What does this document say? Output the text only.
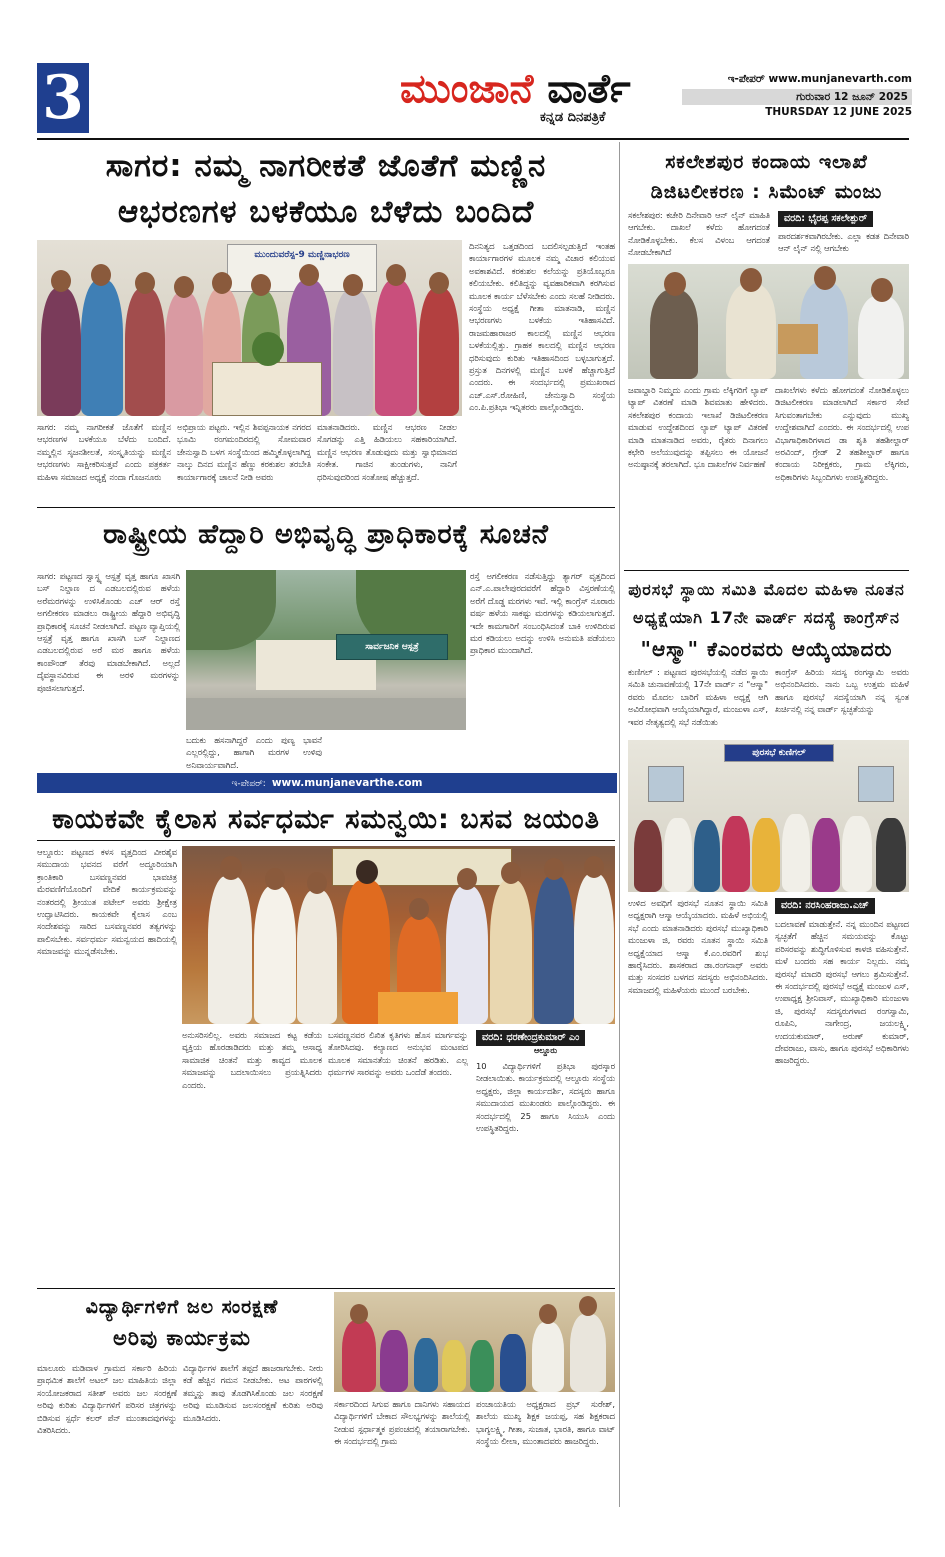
3	ಮುಂಜಾನೆ ವಾರ್ತೆ
ಕನ್ನಡ ದಿನಪತ್ರಿಕೆ
ಇ-ಪೇಪರ್ www.munjanevarth.com
ಗುರುವಾರ 12 ಜೂನ್ 2025
THURSDAY 12 JUNE 2025
ಸಾಗರ: ನಮ್ಮ ನಾಗರೀಕತೆ ಜೊತೆಗೆ ಮಣ್ಣಿನ
ಆಭರಣಗಳ ಬಳಕೆಯೂ ಬೆಳೆದು ಬಂದಿದೆ
ಮುಂದುವರೆಸ್ಪ-9 ಮಣ್ಣಿನಾಭರಣ
ಸಾಗರ: ನಮ್ಮ ನಾಗರೀಕತೆ ಜೊತೆಗೆ ಮಣ್ಣಿನ ಆಭರಣಗಳ ಬಳಕೆಯೂ ಬೆಳೆದು ಬಂದಿದೆ. ನಮ್ಮಲ್ಲಿನ ಸೃಜನಶೀಲತೆ, ಸಂಸ್ಕೃತಿಯನ್ನು ಮಣ್ಣಿನ ಆಭರಣಗಳು ಸಾಕ್ಷೀಕರಿಸುತ್ತವೆ ಎಂದು ಪತ್ರಕರ್ತ ಮಹಿಳಾ ಸಮಾಜದ ಅಧ್ಯಕ್ಷೆ ನಂದಾ ಗೊಜನೂರು
ಅಭಿಪ್ರಾಯ ಪಟ್ಟರು. ಇಲ್ಲಿನ ಶಿವಪ್ಪನಾಯಕ ನಗರದ ಭೂಮಿ ರಂಗಮಂದಿರದಲ್ಲಿ ಸೋಮವಾರ ಜೇನುಸ್ವಾದಿ ಬಳಗ ಸಂಸ್ಥೆಯಿಂದ ಹಮ್ಮಿಕೊಳ್ಳಲಾಗಿದ್ದ ನಾಲ್ಕು ದಿನದ ಮಣ್ಣಿನ ಹೆಣ್ಣು ಕರಕುಶಲ ತರಬೇತಿ ಕಾರ್ಯಾಗಾರಕ್ಕೆ ಚಾಲನೆ ನೀಡಿ ಅವರು
ಮಾತನಾಡಿದರು. ಮಣ್ಣಿನ ಆಭರಣ ನೀಡಲ ಸೊಗಡನ್ನು ಎತ್ತಿ ಹಿಡಿಯಲು ಸಹಕಾರಿಯಾಗಿದೆ. ಮಣ್ಣಿನ ಆಭರಣ ತೊಡುವುದು ಮತ್ತು ಸ್ವಾಭಿಮಾನದ ಸಂಕೇತ. ಗಾಜಿನ ತುಂಡುಗಳು, ನಾನಿಗೆ ಧರಿಸುವುದರಿಂದ ಸಂತೋಷ ಹೆಚ್ಚುತ್ತದೆ.
ದಿನನಿತ್ಯದ ಒತ್ತಡದಿಂದ ಬದಲಿಸಲ್ಪಡುತ್ತಿದೆ ಇಂತಹ ಕಾರ್ಯಾಗಾರಗಳ ಮೂಲಕ ನಮ್ಮ ವಿಚಾರ ಕಲಿಯುವ ಅವಕಾಶವಿದೆ. ಕರಕುಶಲ ಕಲೆಯನ್ನು ಪ್ರತಿಯೊಬ್ಬರೂ ಕಲಿಯಬೇಕು. ಕಲಿತಿದ್ದನ್ನು ವ್ಯವಹಾರಿಕವಾಗಿ ಕರಗಿಸುವ ಮೂಲಕ ಕಾರ್ಯ ಬೆಳೆಸಬೇಕು ಎಂದು ಸಲಹೆ ನೀಡಿದರು. ಸಂಸ್ಥೆಯ ಅಧ್ಯಕ್ಷೆ ಗೀತಾ ಮಾತನಾಡಿ, ಮಣ್ಣಿನ ಆಭರಣಗಳು ಬಳಕೆಯ ಇತಿಹಾಸವಿದೆ. ರಾಜಮಹಾರಾಜರ ಕಾಲದಲ್ಲಿ ಮಣ್ಣಿನ ಆಭರಣ ಬಳಕೆಯಲ್ಲಿತ್ತು. ಗ್ರಾಹಕ ಕಾಲದಲ್ಲಿ ಮಣ್ಣಿನ ಆಭರಣ ಧರಿಸುವುದು ಕುರಿತು ಇತಿಹಾಸದಿಂದ ಬಳ್ಳಬಾಗುತ್ತದೆ. ಪ್ರಸ್ತುತ ದಿನಗಳಲ್ಲಿ ಮಣ್ಣಿನ ಬಳಕೆ ಹೆಚ್ಚಾಗುತ್ತಿದೆ ಎಂದರು. ಈ ಸಂದರ್ಭದಲ್ಲಿ ಪ್ರಮುಖರಾದ ಎಚ್.ಎಸ್.ರೋಹಿಣಿ, ಜೇನುಸ್ವಾದಿ ಸಂಸ್ಥೆಯ ಎಂ.ಪಿ.ಪ್ರತಿಭಾ ಇನ್ನಿತರರು ಪಾಲ್ಗೊಂಡಿದ್ದರು.
ಸಕಲೇಶಪುರ ಕಂದಾಯ ಇಲಾಖೆ
ಡಿಜಿಟಲೀಕರಣ : ಸಿಮೆಂಟ್ ಮಂಜು
ಸಕಲೇಶಪುರ: ಕಚೇರಿ ದಿನೇವಾರಿ ಆನ್ ಲೈನ್ ಮಾಹಿತಿ ಆಗಬೇಕು. ದಾಖಲೆ ಕಳೆದು ಹೋಗದಂತೆ ನೋಡಿಕೊಳ್ಳಬೇಕು. ಕೆಲಸ ವಿಳಂಬ ಆಗದಂತೆ ನೋಡಬೇಕಾಗಿದೆ
ವರದಿ: ಭೈರಪ್ಪ ಸಕಲೇಶ್ಪುರ್
ಪಾರದರ್ಶಕವಾಗಿರಬೇಕು. ಎಲ್ಲಾ ಕಡತ ದಿನೇವಾರಿ ಆನ್ ಲೈನ್ ನಲ್ಲಿ ಆಗಬೇಕು
ಜವಾಬ್ದಾರಿ ನಿಮ್ಮದು ಎಂದು ಗ್ರಾಮ ಲೆಕ್ಕಿಗರಿಗೆ ಲ್ಯಾಪ್ ಟ್ಯಾಪ್ ವಿತರಣೆ ಮಾಡಿ ಶಿವಮಾತು ಹೇಳಿದರು. ಸಕಲೇಶಪುರ ಕಂದಾಯ ಇಲಾಖೆ ಡಿಜಿಟಲೀಕರಣ ಮಾಡುವ ಉದ್ದೇಶದಿಂದ ಲ್ಯಾಪ್ ಟ್ಯಾಪ್ ವಿತರಣೆ ಮಾಡಿ ಮಾತನಾಡಿದ ಅವರು, ರೈತರು ದಿನಾಗಲು ಕಛೇರಿ ಅಲೆಯುವುದನ್ನು ತಪ್ಪಿಸಲು ಈ ಯೋಜನೆ ಅನುಷ್ಠಾನಕ್ಕೆ ತರಲಾಗಿದೆ. ಭೂ ದಾಖಲೆಗಳ ನಿರ್ವಹಣೆ
ದಾಖಲೆಗಳು ಕಳೆದು ಹೋಗದಂತೆ ನೋಡಿಕೊಳ್ಳಲು ಡಿಜಿಟಲೀಕರಣ ಮಾಡಲಾಗಿದೆ ಸರ್ಕಾರ ಸೇವೆ ಸಿಗುವಂತಾಗಬೇಕು ಎನ್ನುವುದು ಮುಖ್ಯ ಉದ್ದೇಶವಾಗಿದೆ ಎಂದರು. ಈ ಸಂದರ್ಭದಲ್ಲಿ ಉಪ ವಿಭಾಗಾಧಿಕಾರಿಗಳಾದ ಡಾ ಶೃತಿ ತಹಶೀಲ್ದಾರ್ ಅರವಿಂದ್, ಗ್ರೇಡ್ 2 ತಹಶೀಲ್ದಾರ್ ಹಾಗೂ ಕಂದಾಯ ನಿರೀಕ್ಷಕರು, ಗ್ರಾಮ ಲೆಕ್ಕಿಗರು, ಅಧಿಕಾರಿಗಳು ಸಿಬ್ಬಂದಿಗಳು ಉಪಸ್ಥಿತರಿದ್ದರು.
ರಾಷ್ಟ್ರೀಯ ಹೆದ್ದಾರಿ ಅಭಿವೃದ್ಧಿ ಪ್ರಾಧಿಕಾರಕ್ಕೆ ಸೂಚನೆ
ಸಾಗರ: ಪಟ್ಟಣದ ಸ್ವಾಸ್ಥ್ಯ ಆಸ್ಪತ್ರೆ ವೃತ್ತ ಹಾಗೂ ಖಾಸಗಿ ಬಸ್ ನಿಲ್ದಾಣ ದ ಎಡಬಲದಲ್ಲಿರುವ ಹಳೆಯ ಅರೆಮರಗಳನ್ನು ಉಳಿಸಿಕೊಂಡು ಎಚ್ ಆರ್ ರಸ್ತೆ ಅಗಲೀಕರಣ ಮಾಡಲು ರಾಷ್ಟ್ರೀಯ ಹೆದ್ದಾರಿ ಅಭಿವೃದ್ಧಿ ಪ್ರಾಧಿಕಾರಕ್ಕೆ ಸೂಚನೆ ನೀಡಲಾಗಿದೆ. ಪಟ್ಟಣ ವ್ಯಾಪ್ತಿಯಲ್ಲಿ ಆಸ್ಪತ್ರೆ ವೃತ್ತ ಹಾಗೂ ಖಾಸಗಿ ಬಸ್ ನಿಲ್ದಾಣದ ಎಡಬಲದಲ್ಲಿರುವ ಅರೆ ಮರ ಹಾಗೂ ಹಳೆಯ ಕಾಂಪೌಂಡ್ ತೆರವು ಮಾಡಬೇಕಾಗಿದೆ. ಅಲ್ಲದೆ ದೈವಸ್ಥಾನವಿರುವ ಈ ಅರಳಿ ಮರಗಳನ್ನು ಪೂಜಿಸಲಾಗುತ್ತದೆ.
ಸಾರ್ವಜನಿಕ ಆಸ್ಪತ್ರೆ
ಬದುಕು ಹಸನಾಗಿದ್ದರೆ ಎಂದು ಪುಣ್ಯ ಭಾವನೆ ಎಲ್ಲರಲ್ಲಿದ್ದು, ಹಾಗಾಗಿ ಮರಗಳ ಉಳಿವು ಅನಿವಾರ್ಯವಾಗಿದೆ.
ರಸ್ತೆ ಅಗಲೀಕರಣ ನಡೆಸುತ್ತಿದ್ದು ತ್ಯಾಗರ್ ವೃತ್ತದಿಂದ ಎನ್.ಎ.ಪಾಲೇಪುರದವರೆಗೆ ಹೆದ್ದಾರಿ ವಿಸ್ತರಣೆಯಲ್ಲಿ ಅರೆಗೆ ದೊಡ್ಡ ಮರಗಳು ಇವೆ. ಇಲ್ಲಿ ಕಾಂಗ್ರೆಸ್ ನೂರಾರು ವರ್ಷ ಹಳೆಯ ಸಾಕಷ್ಟು ಮರಗಳನ್ನು ಕಡಿಯಲಾಗುತ್ತದೆ. ಇದೇ ಕಾಮಗಾರಿಗೆ ಸಂಬಂಧಿಸಿದಂತೆ ಬಾಕಿ ಉಳಿದಿರುವ ಮರ ಕಡಿಯಲು ಅದನ್ನು ಉಳಿಸಿ ಅನುಮತಿ ಪಡೆಯಲು ಪ್ರಾಧಿಕಾರ ಮುಂದಾಗಿದೆ.
ಇ-ಪೇಪರ್: www.munjanevarthe.com
ಕಾಯಕವೇ ಕೈಲಾಸ ಸರ್ವಧರ್ಮ ಸಮನ್ವಯಿ: ಬಸವ ಜಯಂತಿ
ಆಲ್ದೂರು: ಪಟ್ಟಣದ ಕಳಸ ವೃತ್ತದಿಂದ ವೀರಶೈವ ಸಮುದಾಯ ಭವನದ ವರೆಗೆ ಅದ್ದೂರಿಯಾಗಿ ಕ್ರಾಂತಿಕಾರಿ ಬಸವಣ್ಣನವರ ಭಾವಚಿತ್ರ ಮೆರವಣಿಗೆಯೊಂದಿಗೆ ವೇದಿಕೆ ಕಾರ್ಯಕ್ರಮವನ್ನು ನಂತರದಲ್ಲಿ ಶ್ರೀಯುತ ಪಟೇಲ್ ಅವರು ಶ್ರೀಕ್ಷೇತ್ರ ಉದ್ಘಾಟಿಸಿದರು. ಕಾಯಕವೇ ಕೈಲಾಸ ಎಂಬ ಸಂದೇಶವನ್ನು ಸಾರಿದ ಬಸವಣ್ಣನವರ ತತ್ವಗಳನ್ನು ಪಾಲಿಸಬೇಕು. ಸರ್ವಧರ್ಮ ಸಮನ್ವಯದ ಹಾದಿಯಲ್ಲಿ ಸಮಾಜವನ್ನು ಮುನ್ನಡೆಸಬೇಕು.
ಅನುಸರಿಸಲಿಲ್ಲ. ಅವರು ಸಮಾಜದ ಕಟ್ಟ ಕಡೆಯ ವ್ಯಕ್ತಿಯ ಹೊರಡಾಡಿದರು ಮತ್ತು ತಮ್ಮ ಆಸಾಧ್ಯ ಸಾಮಾಜಿಕ ಚಿಂತನೆ ಮತ್ತು ಕಾವ್ಯದ ಮೂಲಕ ಸಮಾಜವನ್ನು ಬದಲಾಯಿಸಲು ಪ್ರಯತ್ನಿಸಿದರು ಎಂದರು.
ಬಸವಣ್ಣನವರ ಲಿಖಿತ ಕೃತಿಗಳು ಹೊಸ ಮಾರ್ಗವನ್ನು ತೋರಿಸಿದವು. ಕಲ್ಯಾಣದ ಅನುಭವ ಮಂಟಪದ ಮೂಲಕ ಸಮಾನತೆಯ ಚಿಂತನೆ ಹರಡಿತು. ಎಲ್ಲ ಧರ್ಮಗಳ ಸಾರವನ್ನು ಅವರು ಒಂದೆಡೆ ತಂದರು.
ವರದಿ: ಧರಣೇಂದ್ರಕುಮಾರ್ ಎಂ
ಆಲ್ದೂರು
10 ವಿದ್ಯಾರ್ಥಿಗಳಿಗೆ ಪ್ರತಿಭಾ ಪುರಸ್ಕಾರ ನೀಡಲಾಯಿತು. ಕಾರ್ಯಕ್ರಮದಲ್ಲಿ ಆಲ್ದೂರು ಸಂಸ್ಥೆಯ ಅಧ್ಯಕ್ಷರು, ಜಿಲ್ಲಾ ಕಾರ್ಯದರ್ಶಿ, ಸದಸ್ಯರು ಹಾಗೂ ಸಮುದಾಯದ ಮುಖಂಡರು ಪಾಲ್ಗೊಂಡಿದ್ದರು. ಈ ಸಂದರ್ಭದಲ್ಲಿ 25 ಹಾಗೂ ಸಿಯುಸಿ ಎಂದು ಉಪಸ್ಥಿತರಿದ್ದರು.
ಪುರಸಭೆ ಸ್ಥಾಯಿ ಸಮಿತಿ ಮೊದಲ ಮಹಿಳಾ ನೂತನ
ಅಧ್ಯಕ್ಷೆಯಾಗಿ 17ನೇ ವಾರ್ಡ್ ಸದಸ್ಯೆ ಕಾಂಗ್ರೆಸ್‌ನ
"ಆಸ್ಮಾ" ಕೆಎಂರವರು ಆಯ್ಕೆಯಾದರು
ಕುಣಿಗಲ್ : ಪಟ್ಟಣದ ಪುರಸಭೆಯಲ್ಲಿ ನಡೆದ ಸ್ಥಾಯಿ ಸಮಿತಿ ಚುನಾವಣೆಯಲ್ಲಿ 17ನೇ ವಾರ್ಡ್ ನ "ಆಸ್ಮಾ" ರವರು ಮೊದಲ ಬಾರಿಗೆ ಮಹಿಳಾ ಅಧ್ಯಕ್ಷೆ ಆಗಿ ಅವಿರೋಧವಾಗಿ ಆಯ್ಕೆಯಾಗಿದ್ದಾರೆ, ಮಂಜುಳಾ ಎಸ್, ಇವರ ನೇತೃತ್ವದಲ್ಲಿ ಸಭೆ ನಡೆಯಿತು
ಕಾಂಗ್ರೆಸ್ ಹಿರಿಯ ಸದಸ್ಯ ರಂಗಸ್ವಾಮಿ ಅವರು ಅಭಿನಂದಿಸಿದರು. ನಾನು ಒಬ್ಬ ಉತ್ತಮ ಮಹಿಳೆ ಹಾಗೂ ಪುರಸಭೆ ಸದಸ್ಯೆಯಾಗಿ ನನ್ನ ಸ್ವಂತ ಖರ್ಚಿನಲ್ಲಿ ನನ್ನ ವಾರ್ಡ್ ಸ್ವಚ್ಛತೆಯನ್ನು
ಪುರಸಭೆ ಕುಣಿಗಲ್
ಉಳಿದ ಅವಧಿಗೆ ಪುರಸಭೆ ನೂತನ ಸ್ಥಾಯಿ ಸಮಿತಿ ಅಧ್ಯಕ್ಷರಾಗಿ ಆಸ್ಮಾ ಆಯ್ಕೆಯಾದರು. ಮಹಿಳೆ ಅಭಿಯಲ್ಲಿ ಸಭೆ ಎಂದು ಮಾತನಾಡಿದರು ಪುರಸಭೆ ಮುಖ್ಯಾಧಿಕಾರಿ ಮಂಜುಳಾ ಜಿ, ರವರು ನೂತನ ಸ್ಥಾಯಿ ಸಮಿತಿ ಅಧ್ಯಕ್ಷೆಯಾದ ಆಸ್ಮಾ ಕೆ.ಎಂ.ರವರಿಗೆ ಶುಭ ಹಾರೈಸಿದರು. ಶಾಸಕರಾದ ಡಾ.ರಂಗನಾಥ್ ಅವರು ಮತ್ತು ಸಂಸದರ ಬಳಗದ ಸದಸ್ಯರು ಅಭಿನಂದಿಸಿದರು. ಸಮಾಜದಲ್ಲಿ ಮಹಿಳೆಯರು ಮುಂದೆ ಬರಬೇಕು.
ವರದಿ: ನರಸಿಂಹರಾಜು.ಎಚ್
ಬದಲಾವಣೆ ಮಾಡುತ್ತೇನೆ. ನನ್ನ ಮುಂದಿನ ಪಟ್ಟಣದ ಸ್ವಚ್ಛತೆಗೆ ಹೆಚ್ಚಿನ ಸಮಯವನ್ನು ಕೊಟ್ಟು ಪರಿಸರವನ್ನು ಶುದ್ಧಿಗೊಳಿಸುವ ಕಾಳಜಿ ವಹಿಸುತ್ತೇನೆ. ಮಳೆ ಬಂದರು ಸಹ ಕಾರ್ಯ ನಿಲ್ಲದು. ನಮ್ಮ ಪುರಸಭೆ ಮಾದರಿ ಪುರಸಭೆ ಆಗಲು ಶ್ರಮಿಸುತ್ತೇನೆ. ಈ ಸಂದರ್ಭದಲ್ಲಿ ಪುರಸಭೆ ಅಧ್ಯಕ್ಷೆ ಮಂಜುಳ ಎಸ್, ಉಪಾಧ್ಯಕ್ಷ ಶ್ರೀನಿವಾಸ್, ಮುಖ್ಯಾಧಿಕಾರಿ ಮಂಜುಳಾ ಜಿ, ಪುರಸಭೆ ಸದಸ್ಯರುಗಳಾದ ರಂಗಸ್ವಾಮಿ, ರೂಪಿನಿ, ನಾಗೇಂದ್ರ, ಜಯಲಕ್ಷ್ಮಿ, ಉದಯಕುಮಾರ್, ಅರುಣ್ ಕುಮಾರ್, ದೇವರಾಜು, ವಾಸು, ಹಾಗೂ ಪುರಸಭೆ ಅಧಿಕಾರಿಗಳು ಹಾಜರಿದ್ದರು.
ವಿದ್ಯಾರ್ಥಿಗಳಿಗೆ ಜಲ ಸಂರಕ್ಷಣೆ
ಅರಿವು ಕಾರ್ಯಕ್ರಮ
ಮಾಲೂರು ಮಡಿವಾಳ ಗ್ರಾಮದ ಸರ್ಕಾರಿ ಹಿರಿಯ ಪ್ರಾಥಮಿಕ ಶಾಲೆಗೆ ಅಟಲ್ ಜಲ ಮಾಹಿತಿಯ ಜಿಲ್ಲಾ ಸಂಯೋಜಕರಾದ ಸತೀಶ್ ಅವರು ಜಲ ಸಂರಕ್ಷಣೆ ಅರಿವು ಕುರಿತು ವಿದ್ಯಾರ್ಥಿಗಳಿಗೆ ಪರಿಸರ ಚಿತ್ರಗಳನ್ನು ಬಿಡಿಸುವ ಸ್ಪರ್ಧೆ ಕಲರ್ ಪೆನ್ ಮುಂತಾದವುಗಳನ್ನು ವಿತರಿಸಿದರು.
ವಿದ್ಯಾರ್ಥಿಗಳ ಶಾಲೆಗೆ ತಪ್ಪದೆ ಹಾಜರಾಗಬೇಕು. ನೀರು ಕಡೆ ಹೆಚ್ಚಿನ ಗಮನ ನೀಡಬೇಕು. ಅಟ ಪಾಠಗಳಲ್ಲಿ ತಮ್ಮನ್ನು ತಾವು ತೊಡಗಿಸಿಕೊಂಡು ಜಲ ಸಂರಕ್ಷಣೆ ಅರಿವು ಮೂಡಿಸುವ ಜಲಸಂರಕ್ಷಣೆ ಕುರಿತು ಅರಿವು ಮೂಡಿಸಿದರು.
ಸರ್ಕಾರದಿಂದ ಸಿಗುವ ಹಾಗೂ ದಾನಿಗಳು ಸಹಾಯದ ವಿದ್ಯಾರ್ಥಿಗಳಿಗೆ ಬೇಕಾದ ಸೌಲಭ್ಯಗಳನ್ನು ಶಾಲೆಯಲ್ಲಿ ನೀಡುವ ಸ್ಪರ್ಧಾತ್ಮಕ ಪ್ರಪಂಚದಲ್ಲಿ ತಯಾರಾಗಬೇಕು. ಈ ಸಂದರ್ಭದಲ್ಲಿ ಗ್ರಾಮ
ಪಂಚಾಯತಿಯ ಅಧ್ಯಕ್ಷರಾದ ಪ್ರಭ್ ಸುರೇಶ್, ಶಾಲೆಯ ಮುಖ್ಯ ಶಿಕ್ಷಕ ಜಯಪ್ಪ, ಸಹ ಶಿಕ್ಷಕರಾದ ಭಾಗ್ಯಲಕ್ಷ್ಮಿ, ಗೀತಾ, ಸುಜಾತ, ಭಾರತಿ, ಹಾಗೂ ವಾಟ್ ಸಂಸ್ಥೆಯ ಲೀಲಾ, ಮುಂತಾದವರು ಹಾಜರಿದ್ದರು.
